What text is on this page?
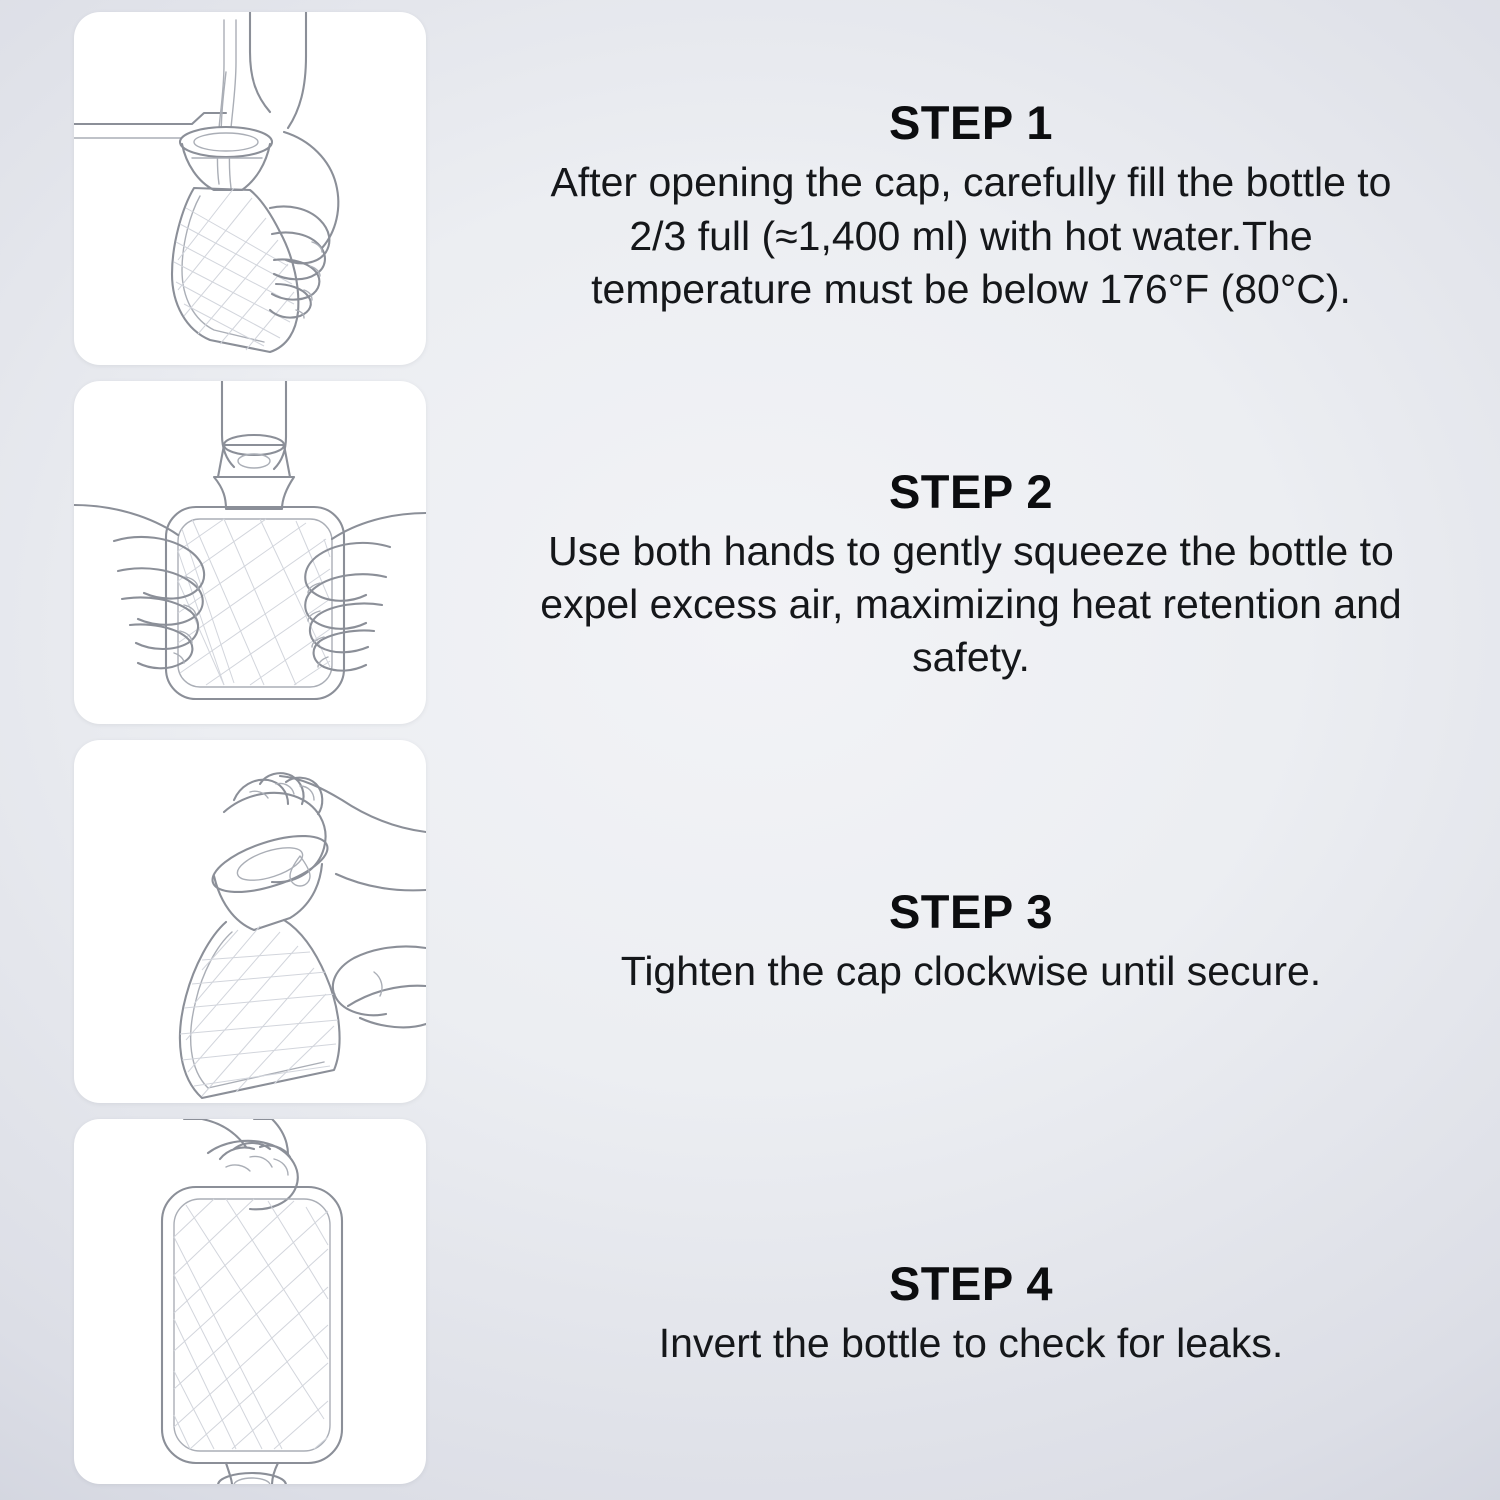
STEP 1
After opening the cap, carefully fill the bottle to 2/3 full (≈1,400 ml) with hot water.The temperature must be below 176°F (80°C).
STEP 2
Use both hands to gently squeeze the bottle to expel excess air, maximizing heat retention and safety.
STEP 3
Tighten the cap clockwise until secure.
STEP 4
Invert the bottle to check for leaks.
